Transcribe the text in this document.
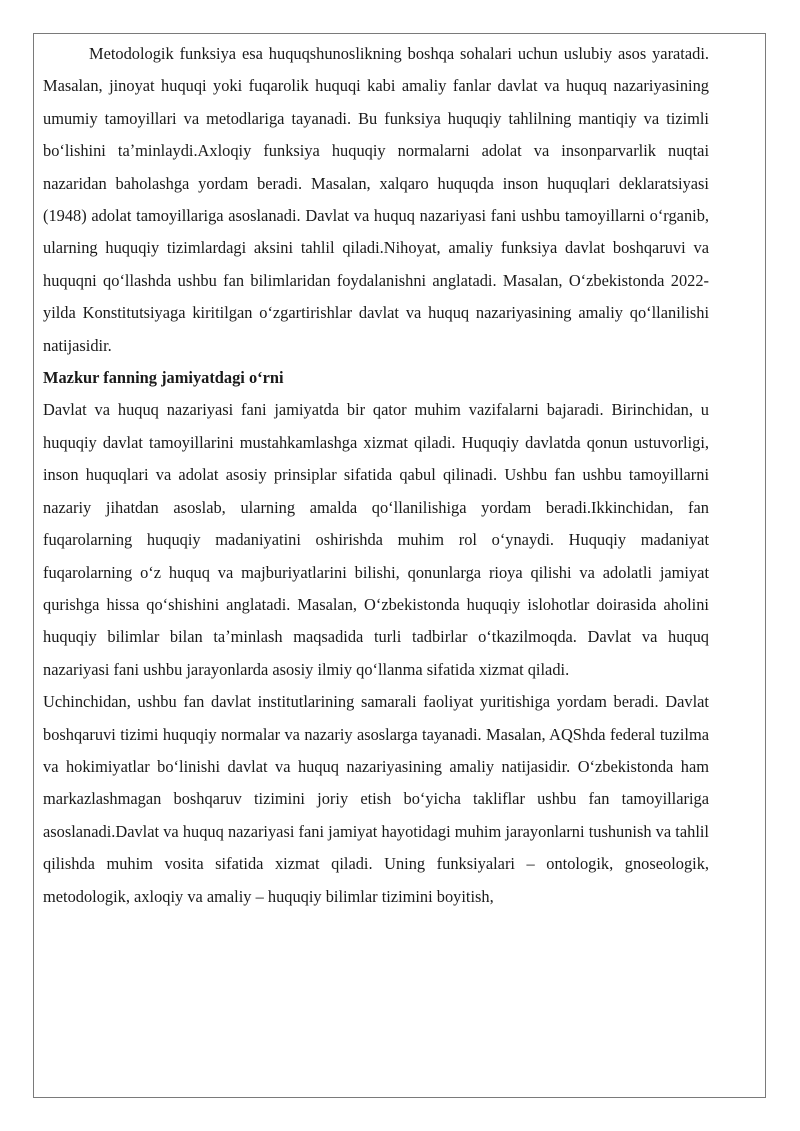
Metodologik funksiya esa huquqshunoslikning boshqa sohalari uchun uslubiy asos yaratadi. Masalan, jinoyat huquqi yoki fuqarolik huquqi kabi amaliy fanlar davlat va huquq nazariyasining umumiy tamoyillari va metodlariga tayanadi. Bu funksiya huquqiy tahlilning mantiqiy va tizimli boʻlishini taʼminlaydi.Axloqiy funksiya huquqiy normalarni adolat va insonparvarlik nuqtai nazaridan baholashga yordam beradi. Masalan, xalqaro huquqda inson huquqlari deklaratsiyasi (1948) adolat tamoyillariga asoslanadi. Davlat va huquq nazariyasi fani ushbu tamoyillarni oʻrganib, ularning huquqiy tizimlardagi aksini tahlil qiladi.Nihoyat, amaliy funksiya davlat boshqaruvi va huquqni qoʻllashda ushbu fan bilimlaridan foydalanishni anglatadi. Masalan, Oʻzbekistonda 2022-yilda Konstitutsiyaga kiritilgan oʻzgartirishlar davlat va huquq nazariyasining amaliy qoʻllanilishi natijasidir.

Mazkur fanning jamiyatdagi oʻrni

Davlat va huquq nazariyasi fani jamiyatda bir qator muhim vazifalarni bajaradi. Birinchidan, u huquqiy davlat tamoyillarini mustahkamlashga xizmat qiladi. Huquqiy davlatda qonun ustuvorligi, inson huquqlari va adolat asosiy prinsiplar sifatida qabul qilinadi. Ushbu fan ushbu tamoyillarni nazariy jihatdan asoslab, ularning amalda qoʻllanilishiga yordam beradi.Ikkinchidan, fan fuqarolarning huquqiy madaniyatini oshirishda muhim rol oʻynaydi. Huquqiy madaniyat fuqarolarning oʻz huquq va majburiyatlarini bilishi, qonunlarga rioya qilishi va adolatli jamiyat qurishga hissa qoʻshishini anglatadi. Masalan, Oʻzbekistonda huquqiy islohotlar doirasida aholini huquqiy bilimlar bilan taʼminlash maqsadida turli tadbirlar oʻtkazilmoqda. Davlat va huquq nazariyasi fani ushbu jarayonlarda asosiy ilmiy qoʻllanma sifatida xizmat qiladi.

Uchinchidan, ushbu fan davlat institutlarining samarali faoliyat yuritishiga yordam beradi. Davlat boshqaruvi tizimi huquqiy normalar va nazariy asoslarga tayanadi. Masalan, AQShda federal tuzilma va hokimiyatlar boʻlinishi davlat va huquq nazariyasining amaliy natijasidir. Oʻzbekistonda ham markazlashmagan boshqaruv tizimini joriy etish boʻyicha takliflar ushbu fan tamoyillariga asoslanadi.Davlat va huquq nazariyasi fani jamiyat hayotidagi muhim jarayonlarni tushunish va tahlil qilishda muhim vosita sifatida xizmat qiladi. Uning funksiyalari – ontologik, gnoseologik, metodologik, axloqiy va amaliy – huquqiy bilimlar tizimini boyitish,
